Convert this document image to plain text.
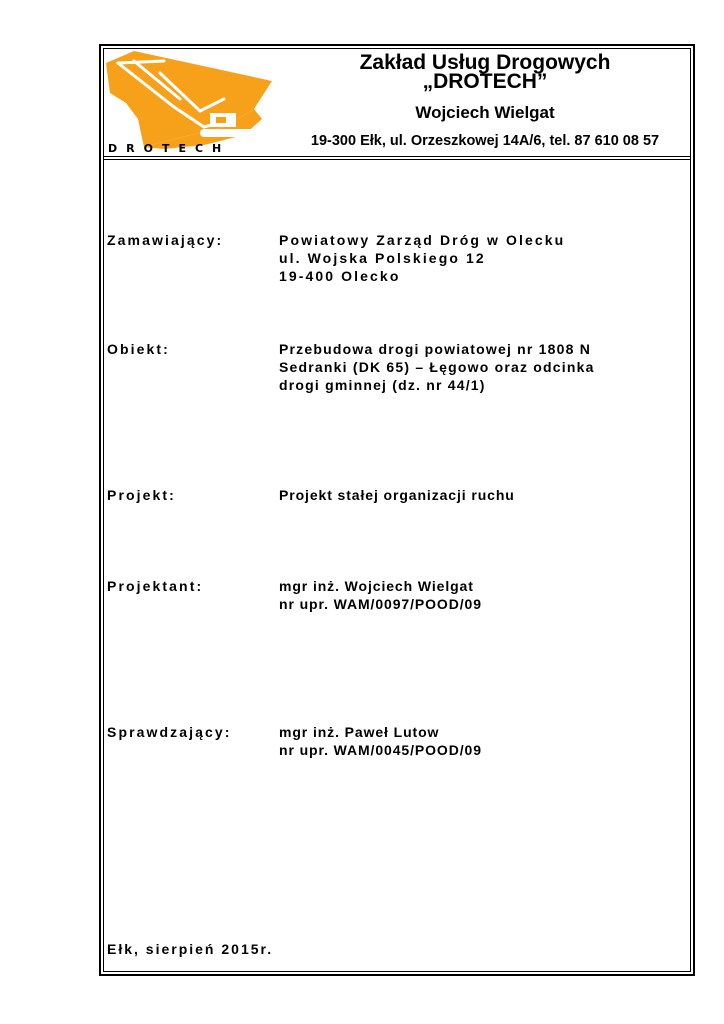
DROTECH
Zakład Usług Drogowych
„DROTECH”
Wojciech Wielgat
19-300 Ełk, ul. Orzeszkowej 14A/6, tel. 87 610 08 57
Zamawiający:	Powiatowy Zarząd Dróg w Olecku
ul. Wojska Polskiego 12
19-400 Olecko
Obiekt:	Przebudowa drogi powiatowej nr 1808 N
Sedranki (DK 65) – Łęgowo oraz odcinka
drogi gminnej (dz. nr 44/1)
Projekt:	Projekt stałej organizacji ruchu
Projektant:	mgr inż. Wojciech Wielgat
nr upr. WAM/0097/POOD/09
Sprawdzający:	mgr inż. Paweł Lutow
nr upr. WAM/0045/POOD/09
Ełk, sierpień 2015r.
